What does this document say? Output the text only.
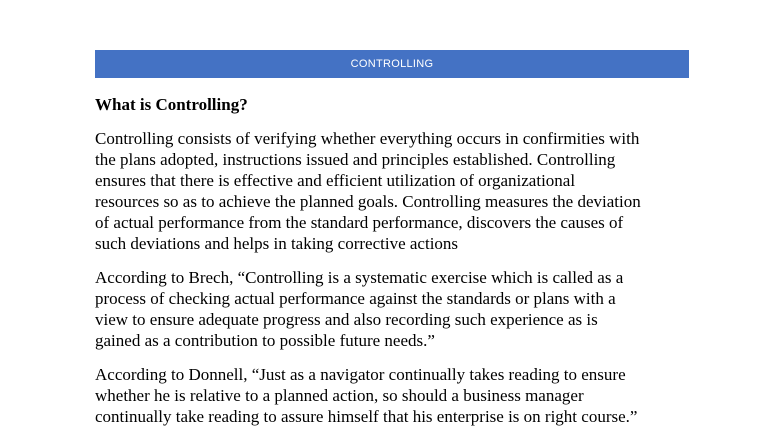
CONTROLLING
What is Controlling?
Controlling consists of verifying whether everything occurs in confirmities with
the plans adopted, instructions issued and principles established. Controlling
ensures that there is effective and efficient utilization of organizational
resources so as to achieve the planned goals. Controlling measures the deviation
of actual performance from the standard performance, discovers the causes of
such deviations and helps in taking corrective actions
According to Brech, “Controlling is a systematic exercise which is called as a
process of checking actual performance against the standards or plans with a
view to ensure adequate progress and also recording such experience as is
gained as a contribution to possible future needs.”
According to Donnell, “Just as a navigator continually takes reading to ensure
whether he is relative to a planned action, so should a business manager
continually take reading to assure himself that his enterprise is on right course.”
